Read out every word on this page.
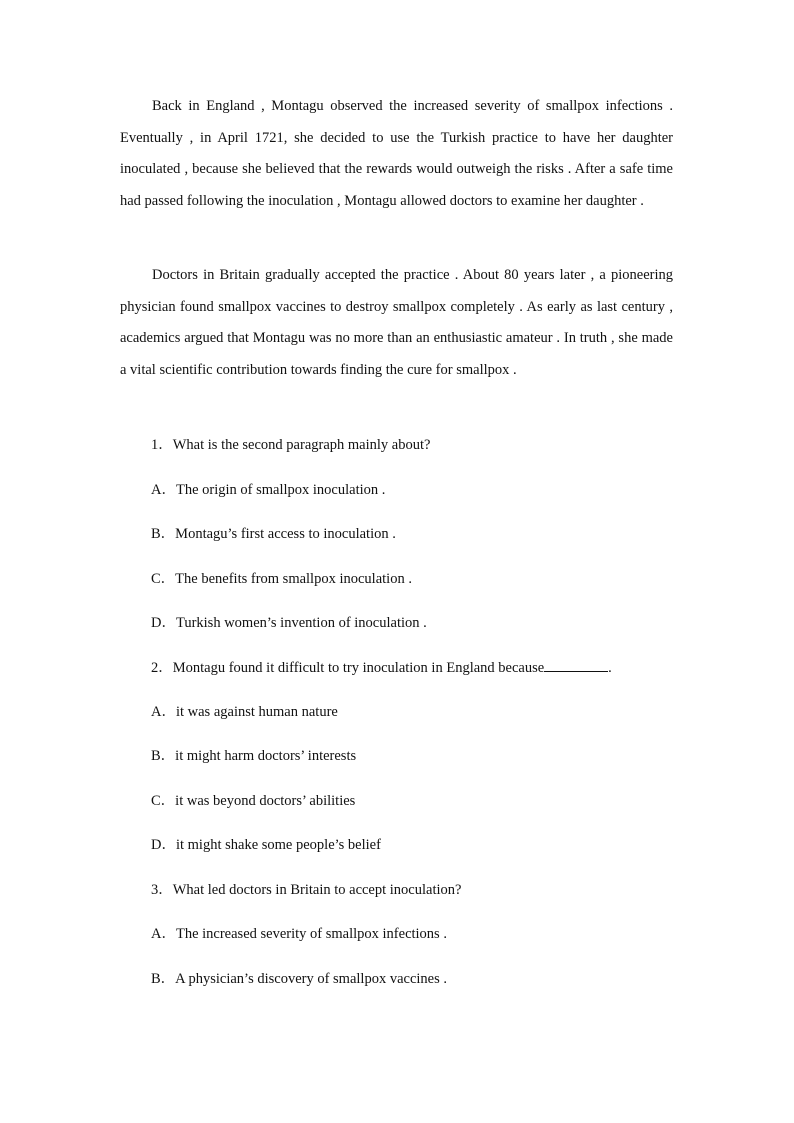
Back in England , Montagu observed the increased severity of smallpox infections . Eventually , in April 1721, she decided to use the Turkish practice to have her daughter inoculated , because she believed that the rewards would outweigh the risks . After a safe time had passed following the inoculation , Montagu allowed doctors to examine her daughter .

Doctors in Britain gradually accepted the practice . About 80 years later , a pioneering physician found smallpox vaccines to destroy smallpox completely . As early as last century , academics argued that Montagu was no more than an enthusiastic amateur . In truth , she made a vital scientific contribution towards finding the cure for smallpox .

1．What is the second paragraph mainly about?

A．The origin of smallpox inoculation .

B．Montagu’s first access to inoculation .

C．The benefits from smallpox inoculation .

D．Turkish women’s invention of inoculation .

2．Montagu found it difficult to try inoculation in England because	.

A．it was against human nature

B．it might harm doctors’ interests

C．it was beyond doctors’ abilities

D．it might shake some people’s belief

3．What led doctors in Britain to accept inoculation?

A．The increased severity of smallpox infections .

B．A physician’s discovery of smallpox vaccines .
